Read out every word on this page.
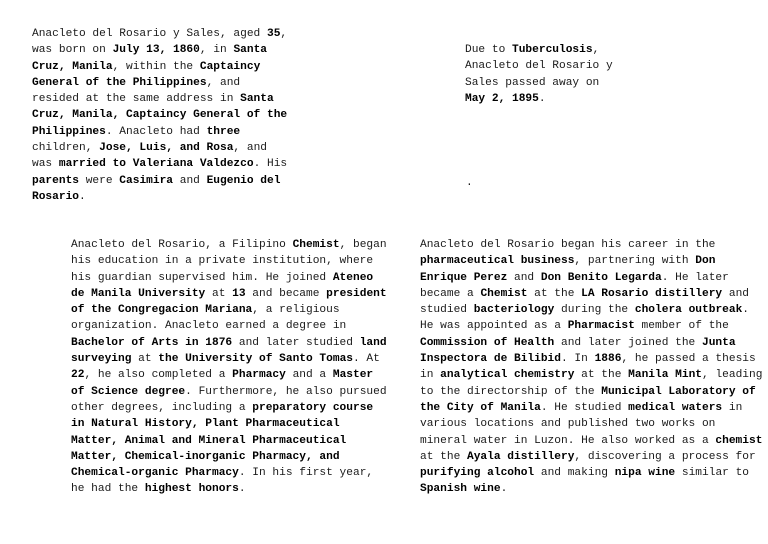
Anacleto del Rosario y Sales, aged 35, was born on July 13, 1860, in Santa Cruz, Manila, within the Captaincy General of the Philippines, and resided at the same address in Santa Cruz, Manila, Captaincy General of the Philippines. Anacleto had three children, Jose, Luis, and Rosa, and was married to Valeriana Valdezco. His parents were Casimira and Eugenio del Rosario.

Due to Tuberculosis, Anacleto del Rosario y Sales passed away on May 2, 1895.

.

Anacleto del Rosario, a Filipino Chemist, began his education in a private institution, where his guardian supervised him. He joined Ateneo de Manila University at 13 and became president of the Congregacion Mariana, a religious organization. Anacleto earned a degree in Bachelor of Arts in 1876 and later studied land surveying at the University of Santo Tomas. At 22, he also completed a Pharmacy and a Master of Science degree. Furthermore, he also pursued other degrees, including a preparatory course in Natural History, Plant Pharmaceutical Matter, Animal and Mineral Pharmaceutical Matter, Chemical-inorganic Pharmacy, and Chemical-organic Pharmacy. In his first year, he had the highest honors.

Anacleto del Rosario began his career in the pharmaceutical business, partnering with Don Enrique Perez and Don Benito Legarda. He later became a Chemist at the LA Rosario distillery and studied bacteriology during the cholera outbreak. He was appointed as a Pharmacist member of the Commission of Health and later joined the Junta Inspectora de Bilibid. In 1886, he passed a thesis in analytical chemistry at the Manila Mint, leading to the directorship of the Municipal Laboratory of the City of Manila. He studied medical waters in various locations and published two works on mineral water in Luzon. He also worked as a chemist at the Ayala distillery, discovering a process for purifying alcohol and making nipa wine similar to Spanish wine.
